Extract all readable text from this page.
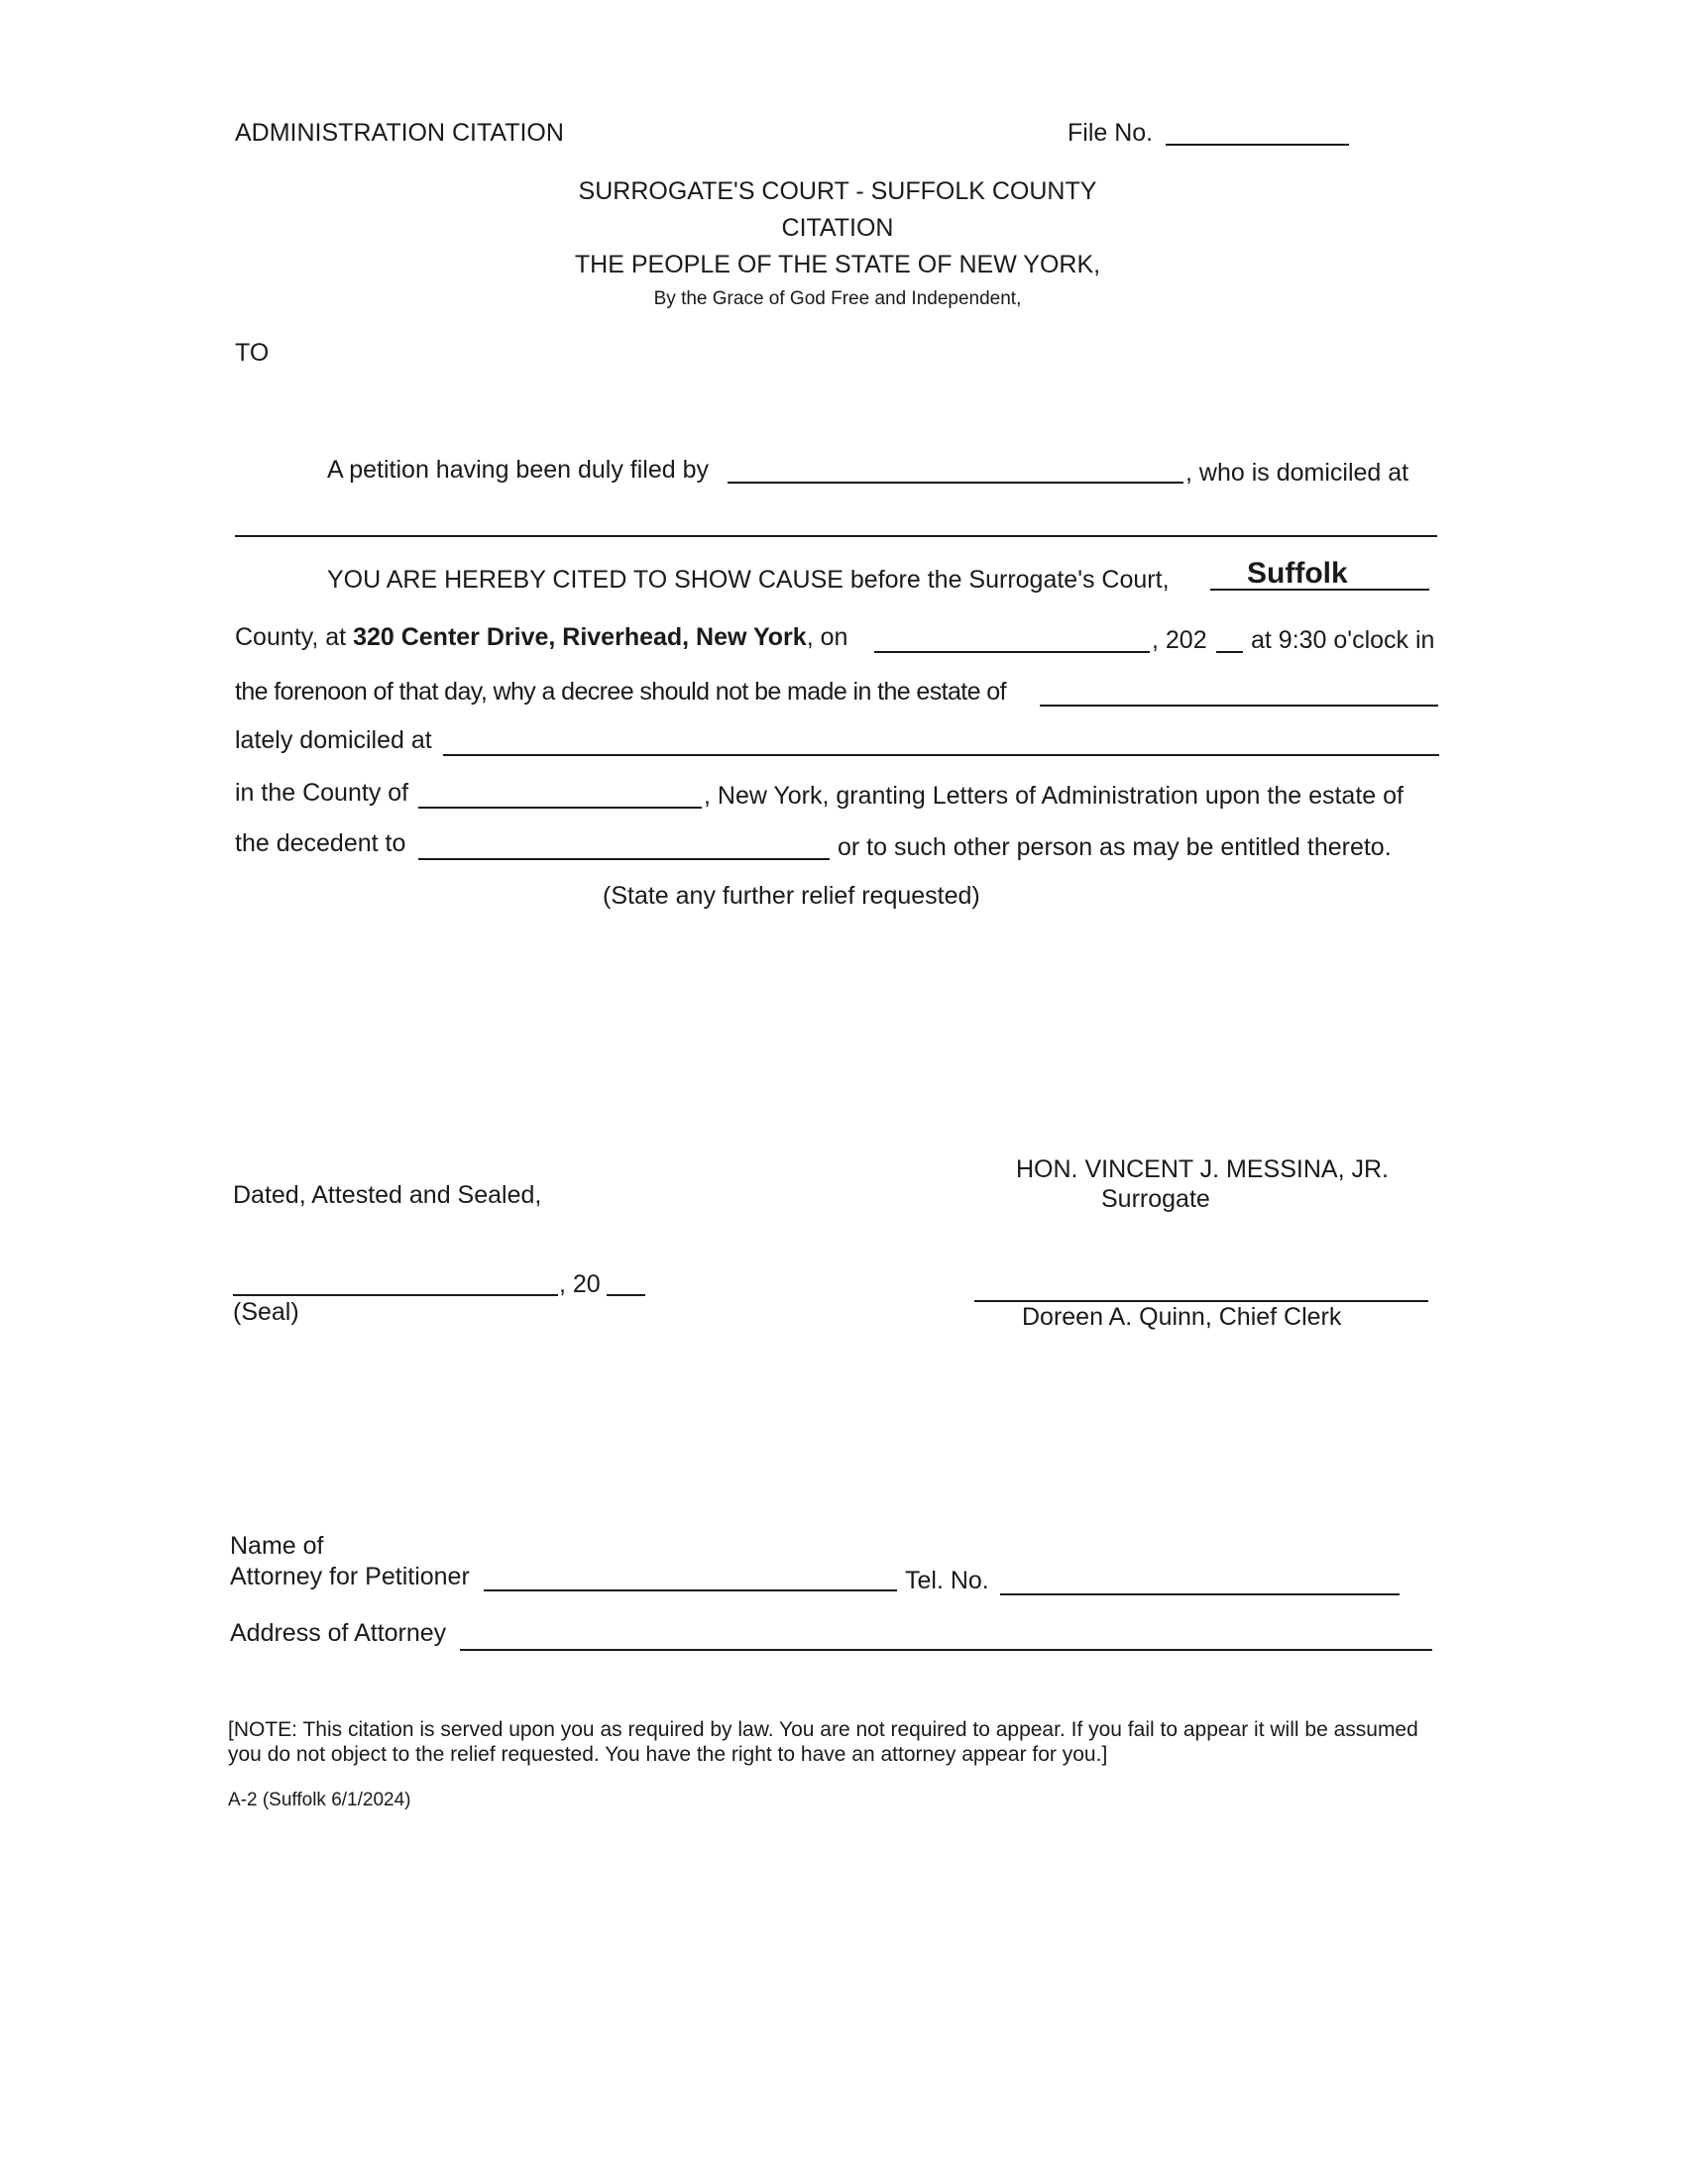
ADMINISTRATION CITATION	File No.
SURROGATE'S COURT - SUFFOLK COUNTY
CITATION
THE PEOPLE OF THE STATE OF NEW YORK,
By the Grace of God Free and Independent,
TO
A petition having been duly filed by	, who is domiciled at
YOU ARE HEREBY CITED TO SHOW CAUSE before the Surrogate's Court,	Suffolk
County, at 320 Center Drive, Riverhead, New York, on	, 202 at 9:30 o'clock in
the forenoon of that day, why a decree should not be made in the estate of
lately domiciled at
in the County of	, New York, granting Letters of Administration upon the estate of
the decedent to	or to such other person as may be entitled thereto.
(State any further relief requested)
HON. VINCENT J. MESSINA, JR.
Surrogate
Dated, Attested and Sealed,
, 20
(Seal)	Doreen A. Quinn, Chief Clerk
Name of
Attorney for Petitioner	Tel. No.
Address of Attorney
[NOTE: This citation is served upon you as required by law. You are not required to appear. If you fail to appear it will be assumed you do not object to the relief requested. You have the right to have an attorney appear for you.]
A-2 (Suffolk 6/1/2024)
